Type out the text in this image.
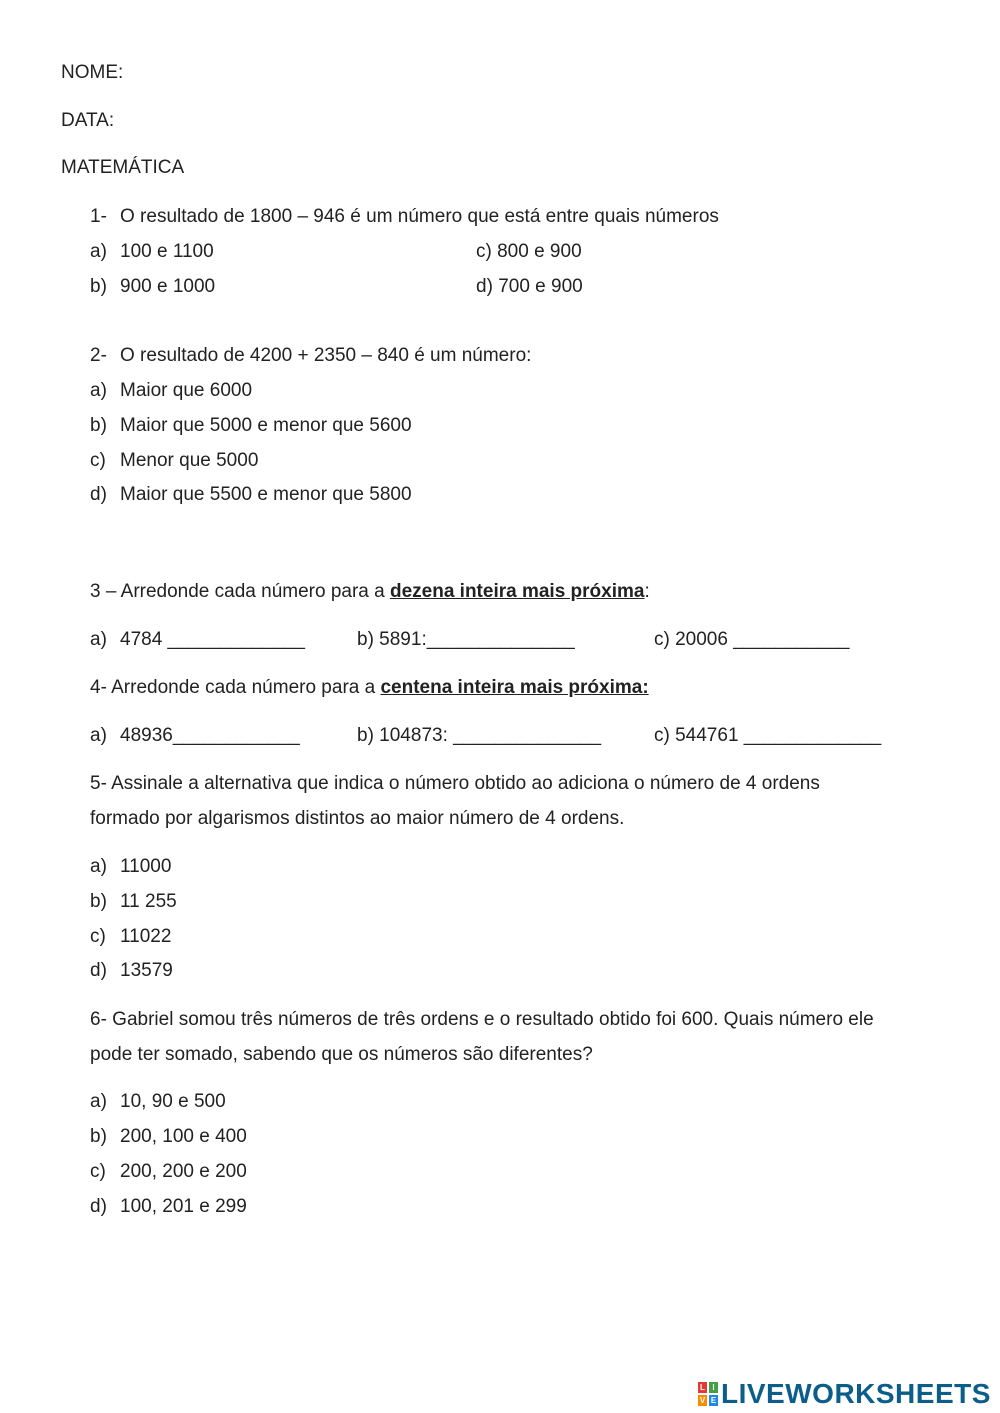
NOME:
DATA:
MATEMÁTICA
1- O resultado de 1800 – 946 é um número que está entre quais números
a) 100 e 1100
b) 900 e 1000
c) 800 e 900
d) 700 e 900
2- O resultado de 4200 + 2350 – 840 é um número:
a) Maior que 6000
b) Maior que 5000 e menor que 5600
c) Menor que 5000
d) Maior que 5500 e menor que 5800
3 – Arredonde cada número para a dezena inteira mais próxima:
a) 4784 _____________	b) 5891:______________	c) 20006 ___________
4- Arredonde cada número para a centena inteira mais próxima:
a) 48936____________	b) 104873: ______________	c) 544761 _____________
5- Assinale a alternativa que indica o número obtido ao adiciona o número de 4 ordens
formado por algarismos distintos ao maior número de 4 ordens.
a) 11000
b) 11 255
c) 11022
d) 13579
6- Gabriel somou três números de três ordens e o resultado obtido foi 600. Quais número ele
pode ter somado, sabendo que os números são diferentes?
a) 10, 90 e 500
b) 200, 100 e 400
c) 200, 200 e 200
d) 100, 201 e 299
L I
V E LIVEWORKSHEETS
